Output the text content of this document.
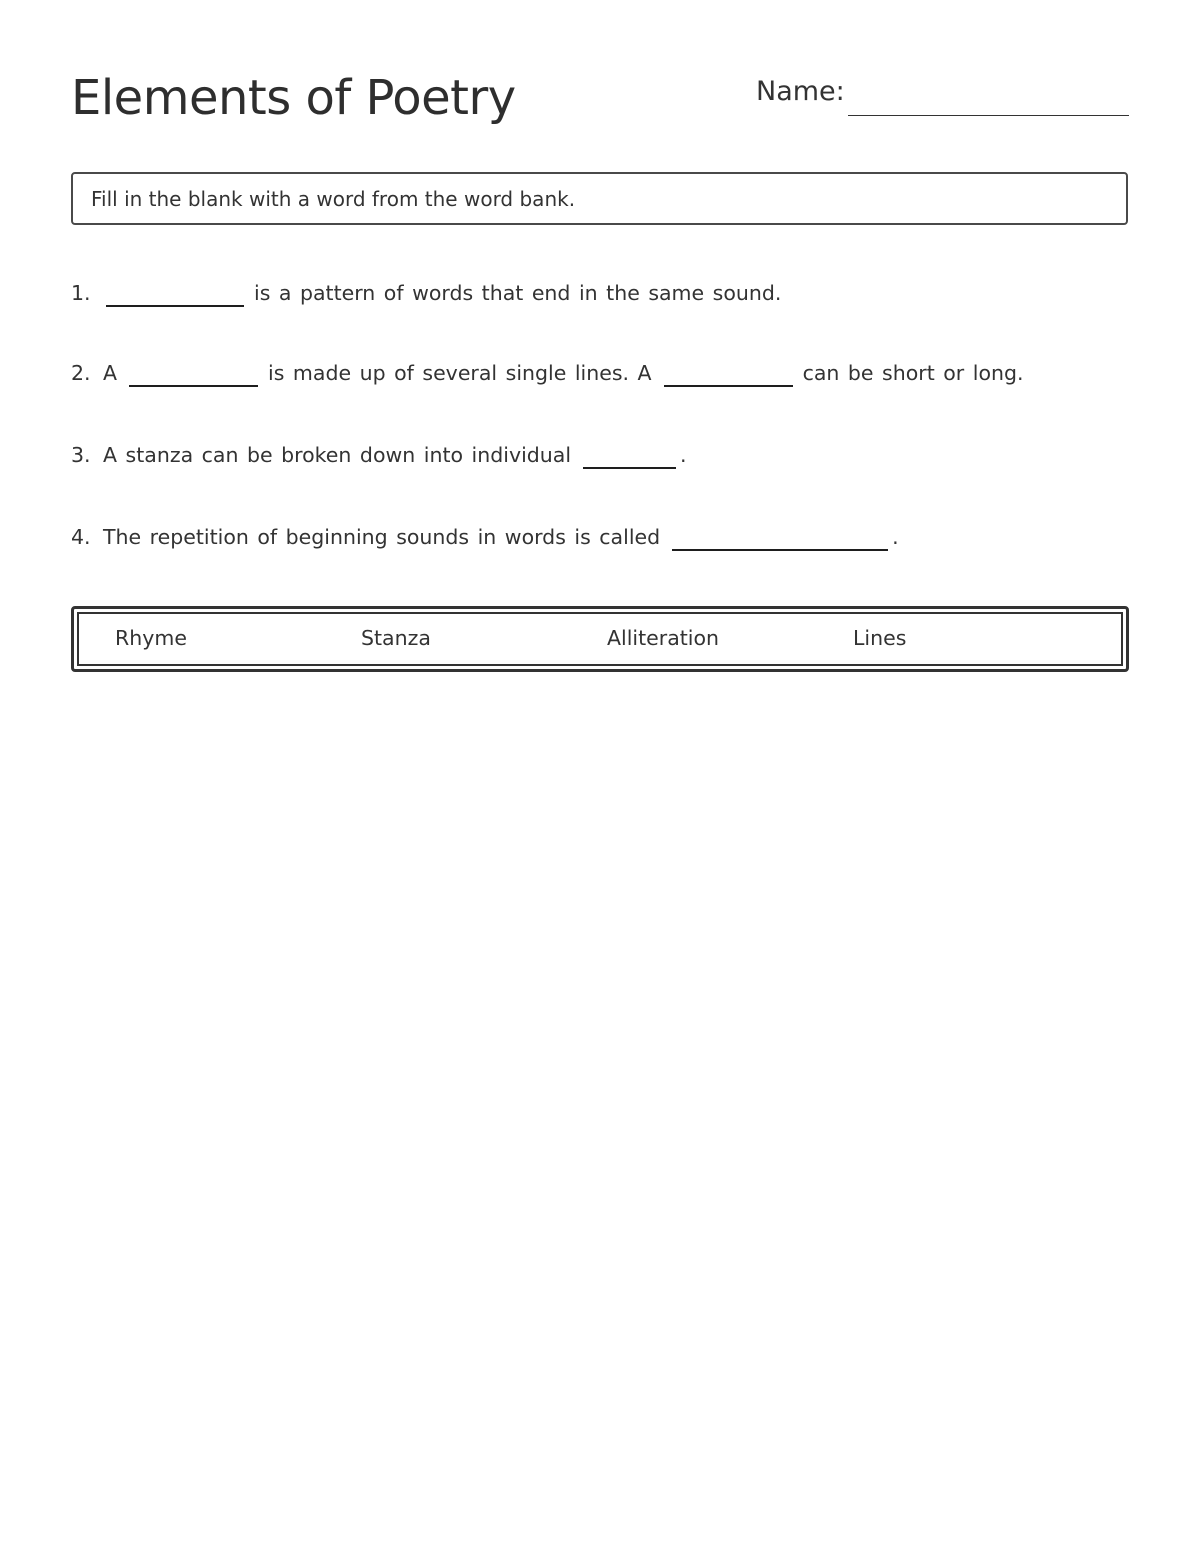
Elements of Poetry	Name:
Fill in the blank with a word from the word bank.
1.	is a pattern of words that end in the same sound.
2. A	is made up of several single lines. A	can be short or long.
3. A stanza can be broken down into individual	.
4. The repetition of beginning sounds in words is called	.
Rhyme	Stanza	Alliteration	Lines
